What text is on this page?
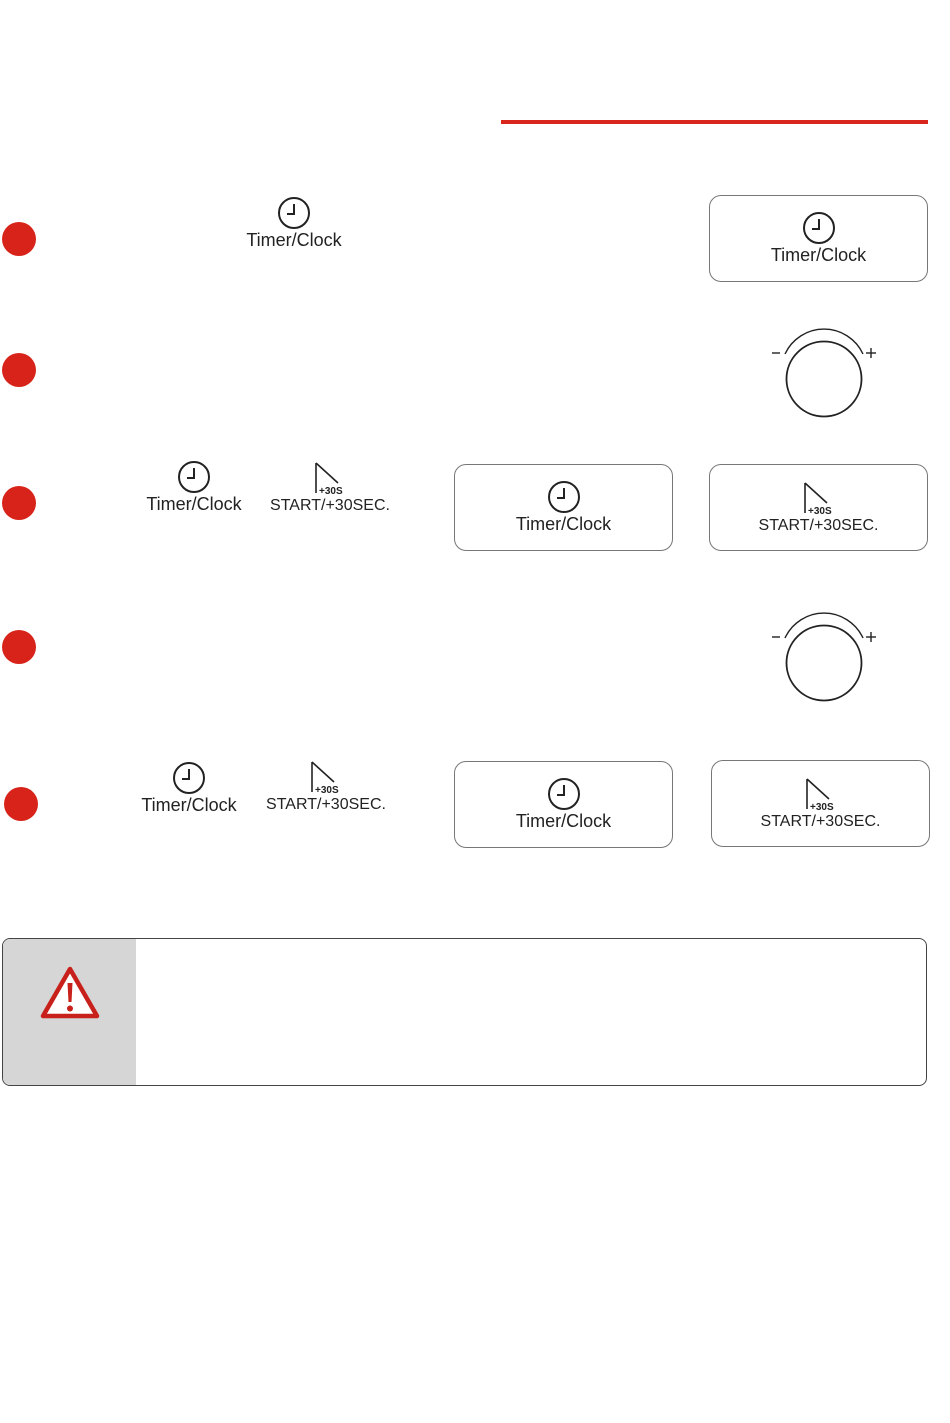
Timer/Clock
Timer/Clock
Timer/Clock
+30S
START/+30SEC.
Timer/Clock
+30S
START/+30SEC.
Timer/Clock
+30S
START/+30SEC.
Timer/Clock
+30S
START/+30SEC.
